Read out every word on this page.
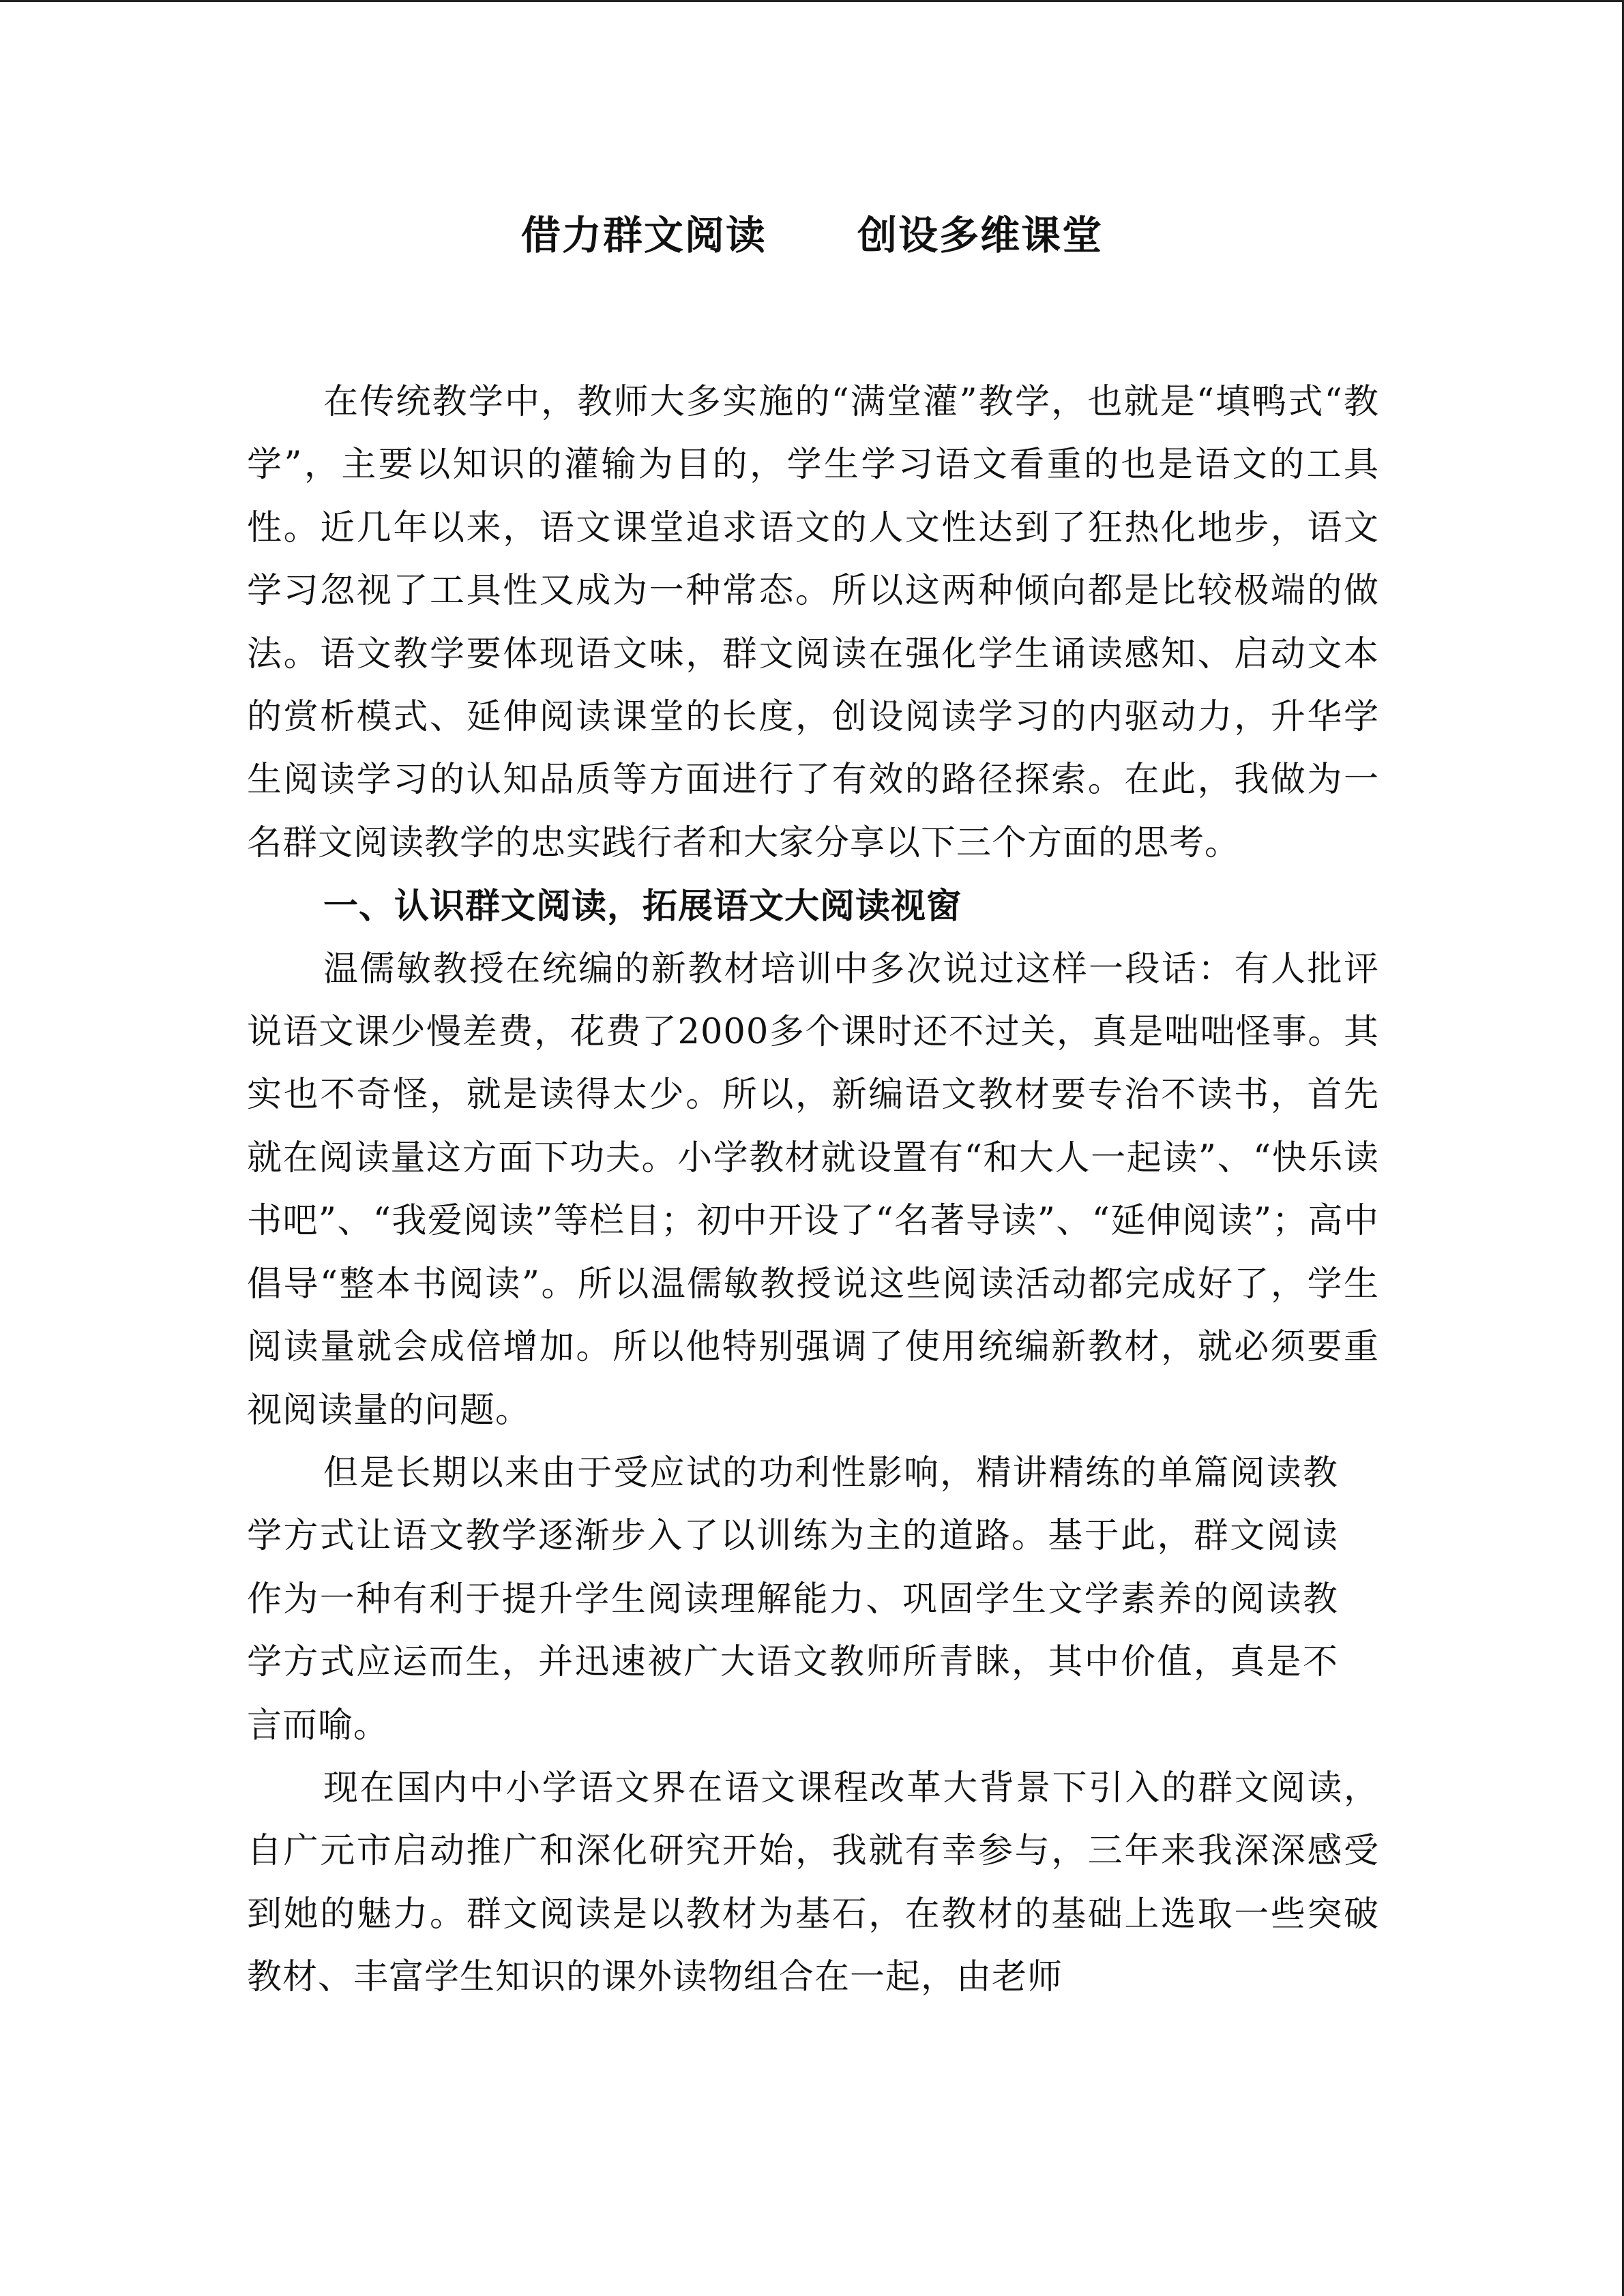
借力群文阅读      创设多维课堂

在传统教学中，教师大多实施的“满堂灌”教学，也就是“填鸭式“教学”，主要以知识的灌输为目的，学生学习语文看重的也是语文的工具性。近几年以来，语文课堂追求语文的人文性达到了狂热化地步，语文学习忽视了工具性又成为一种常态。所以这两种倾向都是比较极端的做法。语文教学要体现语文味，群文阅读在强化学生诵读感知、启动文本的赏析模式、延伸阅读课堂的长度，创设阅读学习的内驱动力，升华学生阅读学习的认知品质等方面进行了有效的路径探索。在此，我做为一名群文阅读教学的忠实践行者和大家分享以下三个方面的思考。

一、认识群文阅读，拓展语文大阅读视窗

温儒敏教授在统编的新教材培训中多次说过这样一段话：有人批评说语文课少慢差费，花费了2000多个课时还不过关，真是咄咄怪事。其实也不奇怪，就是读得太少。所以，新编语文教材要专治不读书，首先就在阅读量这方面下功夫。小学教材就设置有“和大人一起读”、“快乐读书吧”、“我爱阅读”等栏目；初中开设了“名著导读”、“延伸阅读”；高中倡导“整本书阅读”。所以温儒敏教授说这些阅读活动都完成好了，学生阅读量就会成倍增加。所以他特别强调了使用统编新教材，就必须要重视阅读量的问题。

但是长期以来由于受应试的功利性影响，精讲精练的单篇阅读教学方式让语文教学逐渐步入了以训练为主的道路。基于此，群文阅读作为一种有利于提升学生阅读理解能力、巩固学生文学素养的阅读教学方式应运而生，并迅速被广大语文教师所青睐，其中价值，真是不言而喻。

现在国内中小学语文界在语文课程改革大背景下引入的群文阅读，自广元市启动推广和深化研究开始，我就有幸参与，三年来我深深感受到她的魅力。群文阅读是以教材为基石，在教材的基础上选取一些突破教材、丰富学生知识的课外读物组合在一起，由老师
